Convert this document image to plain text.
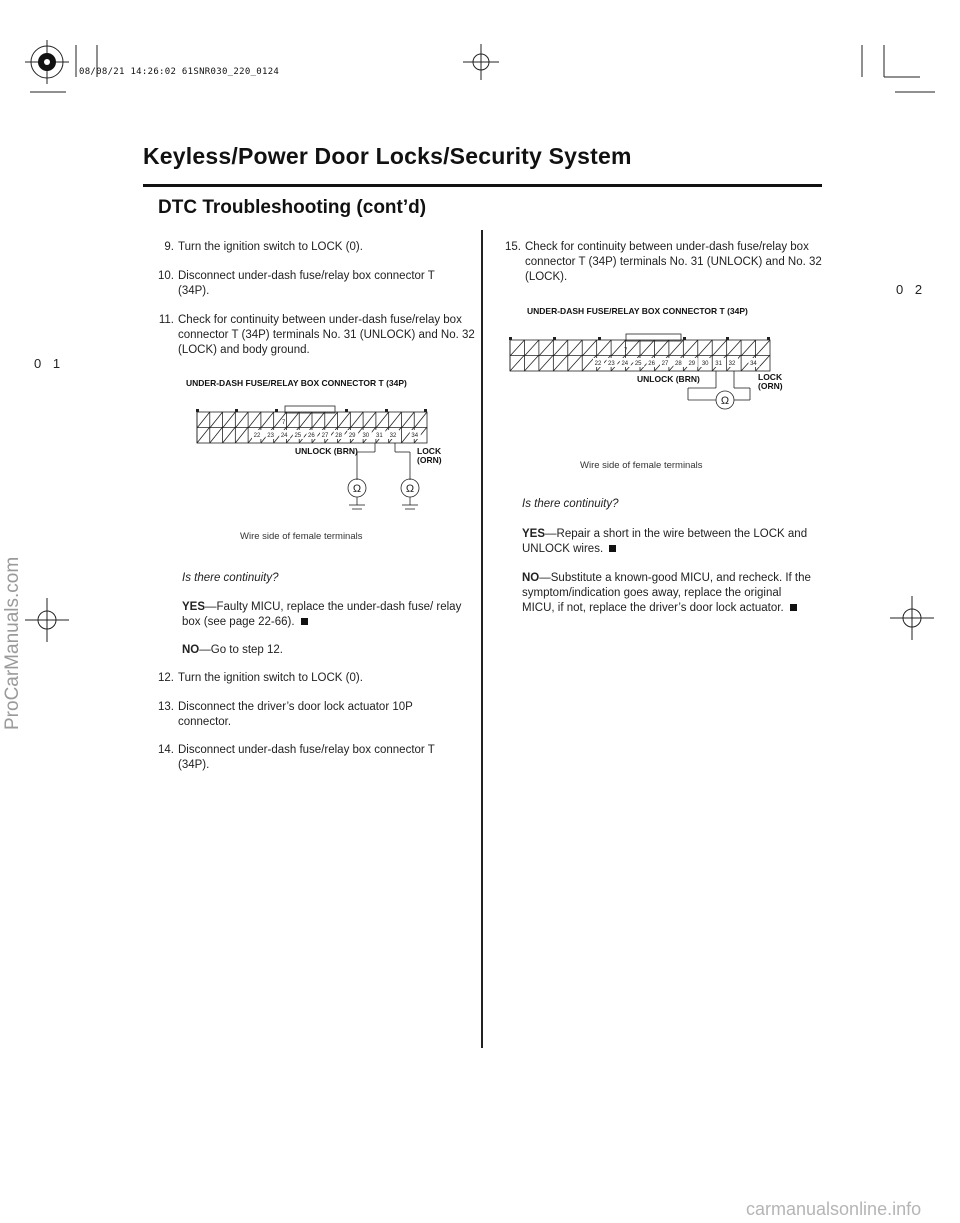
08/08/21 14:26:02 61SNR030_220_0124
Keyless/Power Door Locks/Security System
DTC Troubleshooting (cont’d)
0 2
0 1
ProCarManuals.com
carmanualsonline.info
9. Turn the ignition switch to LOCK (0).
10. Disconnect under-dash fuse/relay box connector T (34P).
11. Check for continuity between under-dash fuse/relay box connector T (34P) terminals No. 31 (UNLOCK) and No. 32 (LOCK) and body ground.
UNDER-DASH FUSE/RELAY BOX CONNECTOR T (34P)
22 23 24 25 26 27 28 29 30 31 32	34
7
Ω	Ω
UNLOCK (BRN)	LOCK
(ORN)
Wire side of female terminals
Is there continuity?
YES—Faulty MICU, replace the under-dash fuse/ relay box (see page 22-66).
NO—Go to step 12.
12. Turn the ignition switch to LOCK (0).
13. Disconnect the driver’s door lock actuator 10P connector.
14. Disconnect under-dash fuse/relay box connector T (34P).
15. Check for continuity between under-dash fuse/relay box connector T (34P) terminals No. 31 (UNLOCK) and No. 32 (LOCK).
UNDER-DASH FUSE/RELAY BOX CONNECTOR T (34P)
22 23 24 25 26 27 28 29 30 31 32 34
7
Ω
UNLOCK (BRN)	LOCK
(ORN)
Wire side of female terminals
Is there continuity?
YES—Repair a short in the wire between the LOCK and UNLOCK wires.
NO—Substitute a known-good MICU, and recheck. If the symptom/indication goes away, replace the original MICU, if not, replace the driver’s door lock actuator.
